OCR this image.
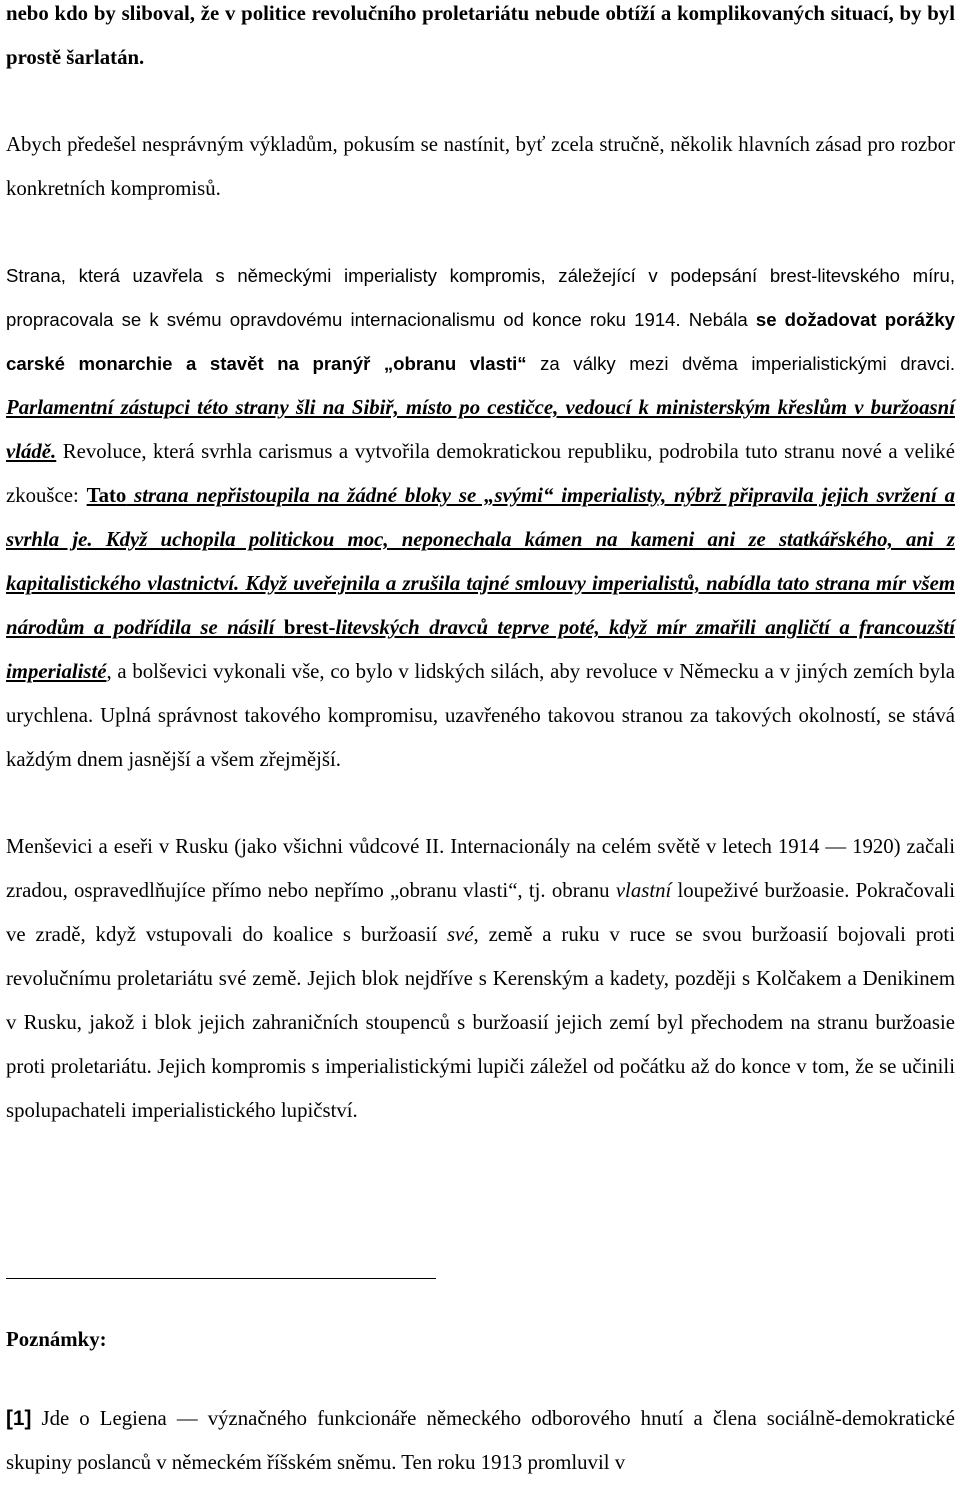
nebo kdo by sliboval, že v politice revolučního proletariátu nebude obtíží a komplikovaných situací, by byl prostě šarlatán.

Abych předešel nesprávným výkladům, pokusím se nastínit, byť zcela stručně, několik hlavních zásad pro rozbor konkretních kompromisů.

Strana, která uzavřela s německými imperialisty kompromis, záležející v podepsání brest-litevského míru, propracovala se k svému opravdovému internacionalismu od konce roku 1914. Nebála se dožadovat porážky carské monarchie a stavět na pranýř „obranu vlasti“ za války mezi dvěma imperialistickými dravci. Parlamentní zástupci této strany šli na Sibiř, místo po cestičce, vedoucí k ministerským křeslům v buržoasní vládě. Revoluce, která svrhla carismus a vytvořila demokratickou republiku, podrobila tuto stranu nové a veliké zkoušce: Tato strana nepřistoupila na žádné bloky se „svými“ imperialisty, nýbrž připravila jejich svržení a svrhla je. Když uchopila politickou moc, neponechala kámen na kameni ani ze statkářského, ani z kapitalistického vlastnictví. Když uveřejnila a zrušila tajné smlouvy imperialistů, nabídla tato strana mír všem národům a podřídila se násilí brest-litevských dravců teprve poté, když mír zmařili angličtí a francouzští imperialisté, a bolševici vykonali vše, co bylo v lidských silách, aby revoluce v Německu a v jiných zemích byla urychlena. Uplná správnost takového kompromisu, uzavřeného takovou stranou za takových okolností, se stává každým dnem jasnější a všem zřejmější.

Menševici a eseři v Rusku (jako všichni vůdcové II. Internacionály na celém světě v letech 1914 — 1920) začali zradou, ospravedlňujíce přímo nebo nepřímo „obranu vlasti“, tj. obranu vlastní loupeživé buržoasie. Pokračovali ve zradě, když vstupovali do koalice s buržoasií své, země a ruku v ruce se svou buržoasií bojovali proti revolučnímu proletariátu své země. Jejich blok nejdříve s Kerenským a kadety, později s Kolčakem a Denikinem v Rusku, jakož i blok jejich zahraničních stoupenců s buržoasií jejich zemí byl přechodem na stranu buržoasie proti proletariátu. Jejich kompromis s imperialistickými lupiči záležel od počátku až do konce v tom, že se učinili spolupachateli imperialistického lupičství.

Poznámky:

[1] Jde o Legiena — význačného funkcionáře německého odborového hnutí a člena sociálně-demokratické skupiny poslanců v německém říšském sněmu. Ten roku 1913 promluvil v
